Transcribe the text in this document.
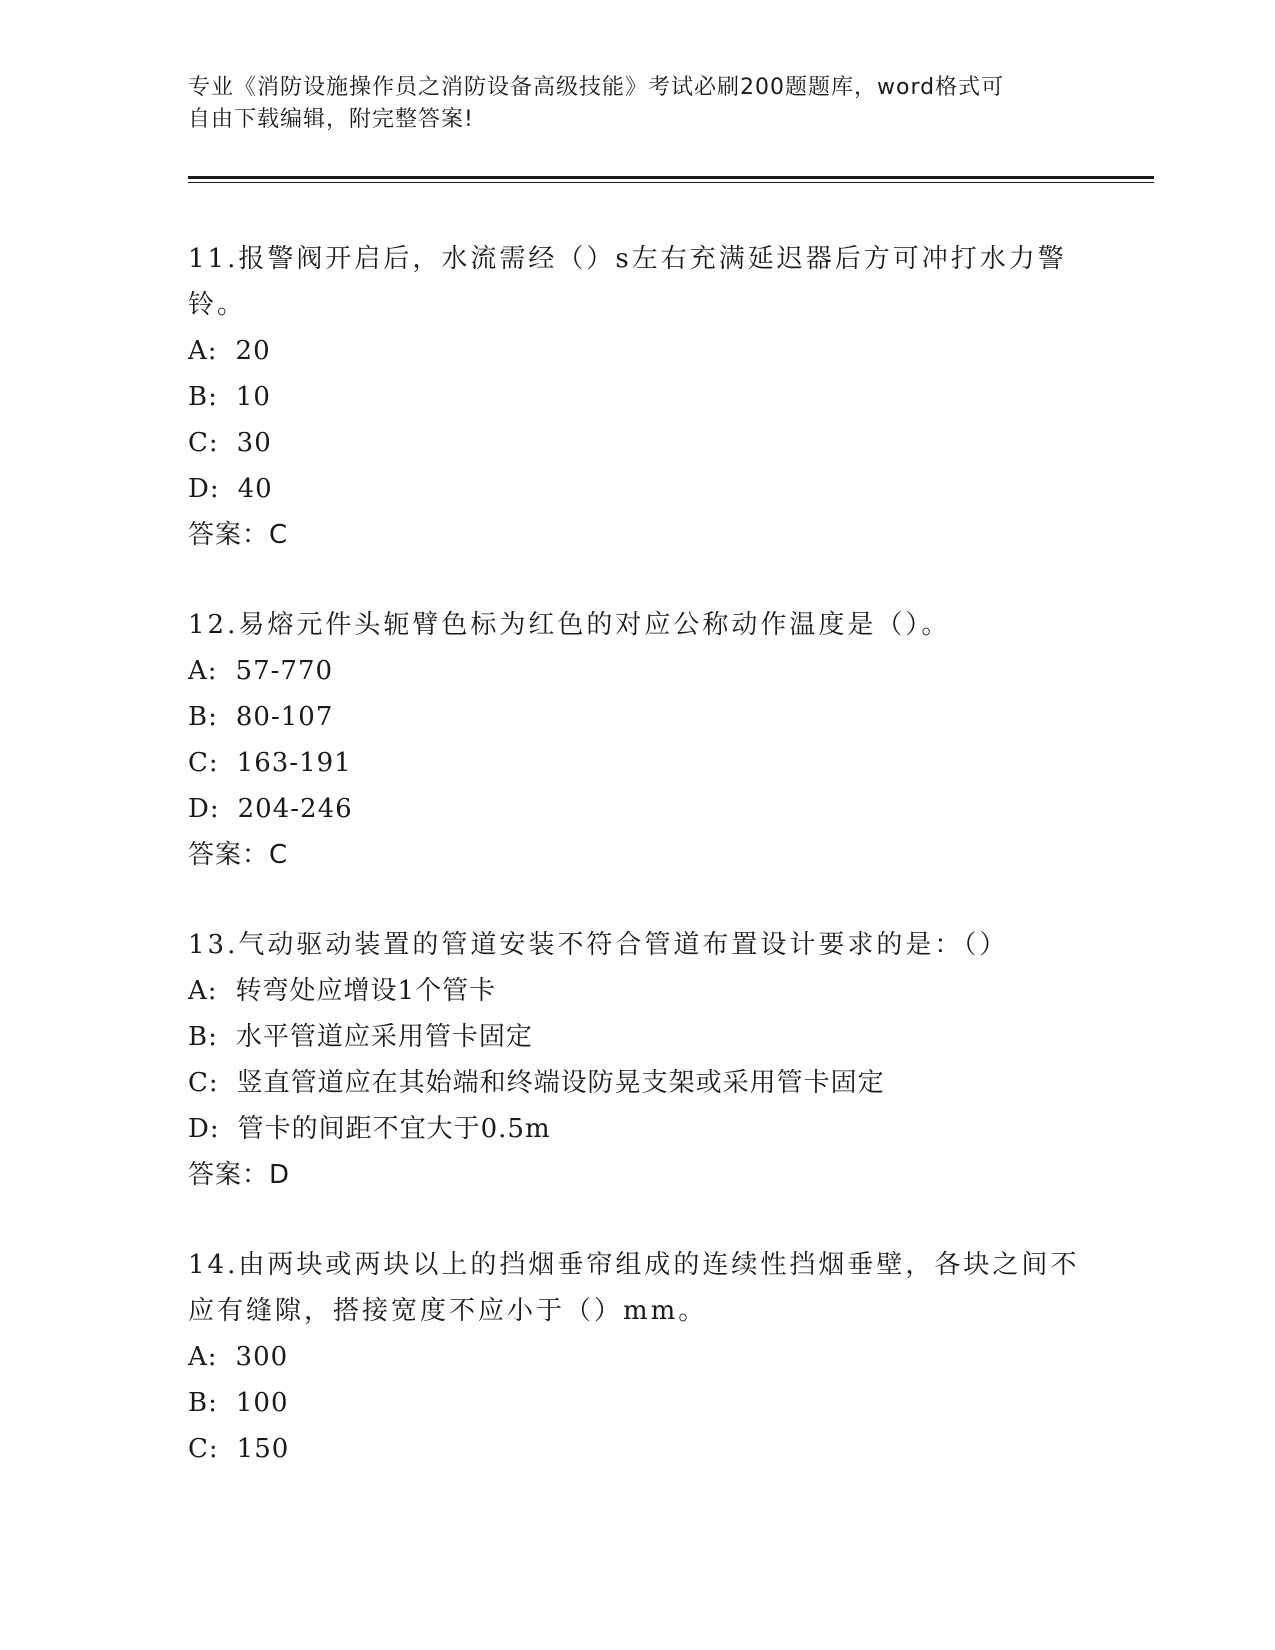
专业《消防设施操作员之消防设备高级技能》考试必刷200题题库，word格式可
自由下载编辑，附完整答案!

11.报警阀开启后，水流需经（）s左右充满延迟器后方可冲打水力警铃。

A: 20

B: 10

C: 30

D: 40

答案：C

12.易熔元件头轭臂色标为红色的对应公称动作温度是（）。

A: 57-770

B: 80-107

C: 163-191

D: 204-246

答案：C

13.气动驱动装置的管道安装不符合管道布置设计要求的是：（）

A: 转弯处应增设1个管卡

B: 水平管道应采用管卡固定

C: 竖直管道应在其始端和终端设防晃支架或采用管卡固定

D: 管卡的间距不宜大于0.5m

答案：D

14.由两块或两块以上的挡烟垂帘组成的连续性挡烟垂壁，各块之间不应有缝隙，搭接宽度不应小于（）mm。

A: 300

B: 100

C: 150
